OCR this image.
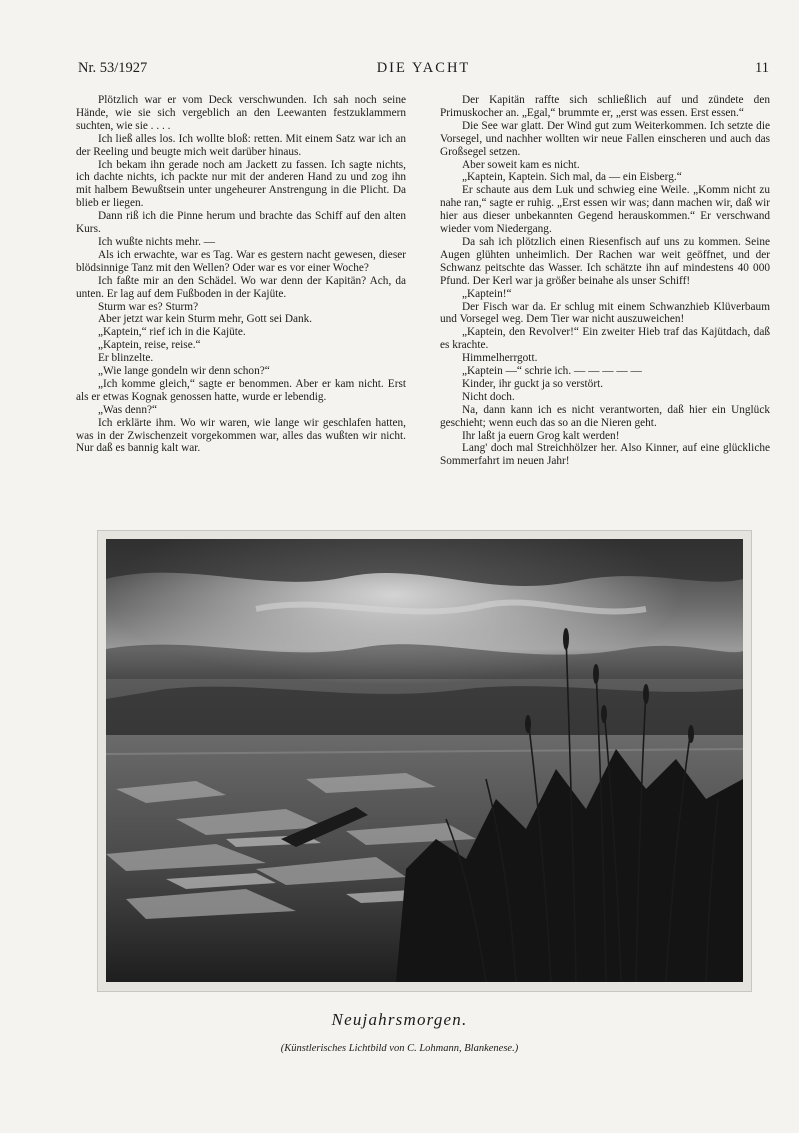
Nr. 53/1927	DIE YACHT	11

Plötzlich war er vom Deck verschwunden. Ich sah noch seine Hände, wie sie sich vergeblich an den Leewanten festzuklammern suchten, wie sie . . . .

Ich ließ alles los. Ich wollte bloß: retten. Mit einem Satz war ich an der Reeling und beugte mich weit darüber hinaus.

Ich bekam ihn gerade noch am Jackett zu fassen. Ich sagte nichts, ich dachte nichts, ich packte nur mit der anderen Hand zu und zog ihn mit halbem Bewußtsein unter ungeheurer Anstrengung in die Plicht. Da blieb er liegen.

Dann riß ich die Pinne herum und brachte das Schiff auf den alten Kurs.

Ich wußte nichts mehr. —

Als ich erwachte, war es Tag. War es gestern nacht gewesen, dieser blödsinnige Tanz mit den Wellen? Oder war es vor einer Woche?

Ich faßte mir an den Schädel. Wo war denn der Kapitän? Ach, da unten. Er lag auf dem Fußboden in der Kajüte.

Sturm war es? Sturm?

Aber jetzt war kein Sturm mehr, Gott sei Dank.

„Kaptein,“ rief ich in die Kajüte.

„Kaptein, reise, reise.“

Er blinzelte.

„Wie lange gondeln wir denn schon?“

„Ich komme gleich,“ sagte er benommen. Aber er kam nicht. Erst als er etwas Kognak genossen hatte, wurde er lebendig.

„Was denn?“

Ich erklärte ihm. Wo wir waren, wie lange wir geschlafen hatten, was in der Zwischenzeit vorgekommen war, alles das wußten wir nicht. Nur daß es bannig kalt war.

Der Kapitän raffte sich schließlich auf und zündete den Primuskocher an. „Egal,“ brummte er, „erst was essen. Erst essen.“

Die See war glatt. Der Wind gut zum Weiterkommen. Ich setzte die Vorsegel, und nachher wollten wir neue Fallen einscheren und auch das Großsegel setzen.

Aber soweit kam es nicht.

„Kaptein, Kaptein. Sich mal, da — ein Eisberg.“

Er schaute aus dem Luk und schwieg eine Weile. „Komm nicht zu nahe ran,“ sagte er ruhig. „Erst essen wir was; dann machen wir, daß wir hier aus dieser unbekannten Gegend herauskommen.“ Er verschwand wieder vom Niedergang.

Da sah ich plötzlich einen Riesenfisch auf uns zu kommen. Seine Augen glühten unheimlich. Der Rachen war weit geöffnet, und der Schwanz peitschte das Wasser. Ich schätzte ihn auf mindestens 40 000 Pfund. Der Kerl war ja größer beinahe als unser Schiff!

„Kaptein!“

Der Fisch war da. Er schlug mit einem Schwanzhieb Klüverbaum und Vorsegel weg. Dem Tier war nicht auszuweichen!

„Kaptein, den Revolver!“ Ein zweiter Hieb traf das Kajütdach, daß es krachte.

Himmelherrgott.

„Kaptein —“ schrie ich. — — — — —

Kinder, ihr guckt ja so verstört.

Nicht doch.

Na, dann kann ich es nicht verantworten, daß hier ein Unglück geschieht; wenn euch das so an die Nieren geht.

Ihr laßt ja euern Grog kalt werden!

Lang' doch mal Streichhölzer her. Also Kinner, auf eine glückliche Sommerfahrt im neuen Jahr!

Neujahrsmorgen.
(Künstlerisches Lichtbild von C. Lohmann, Blankenese.)
